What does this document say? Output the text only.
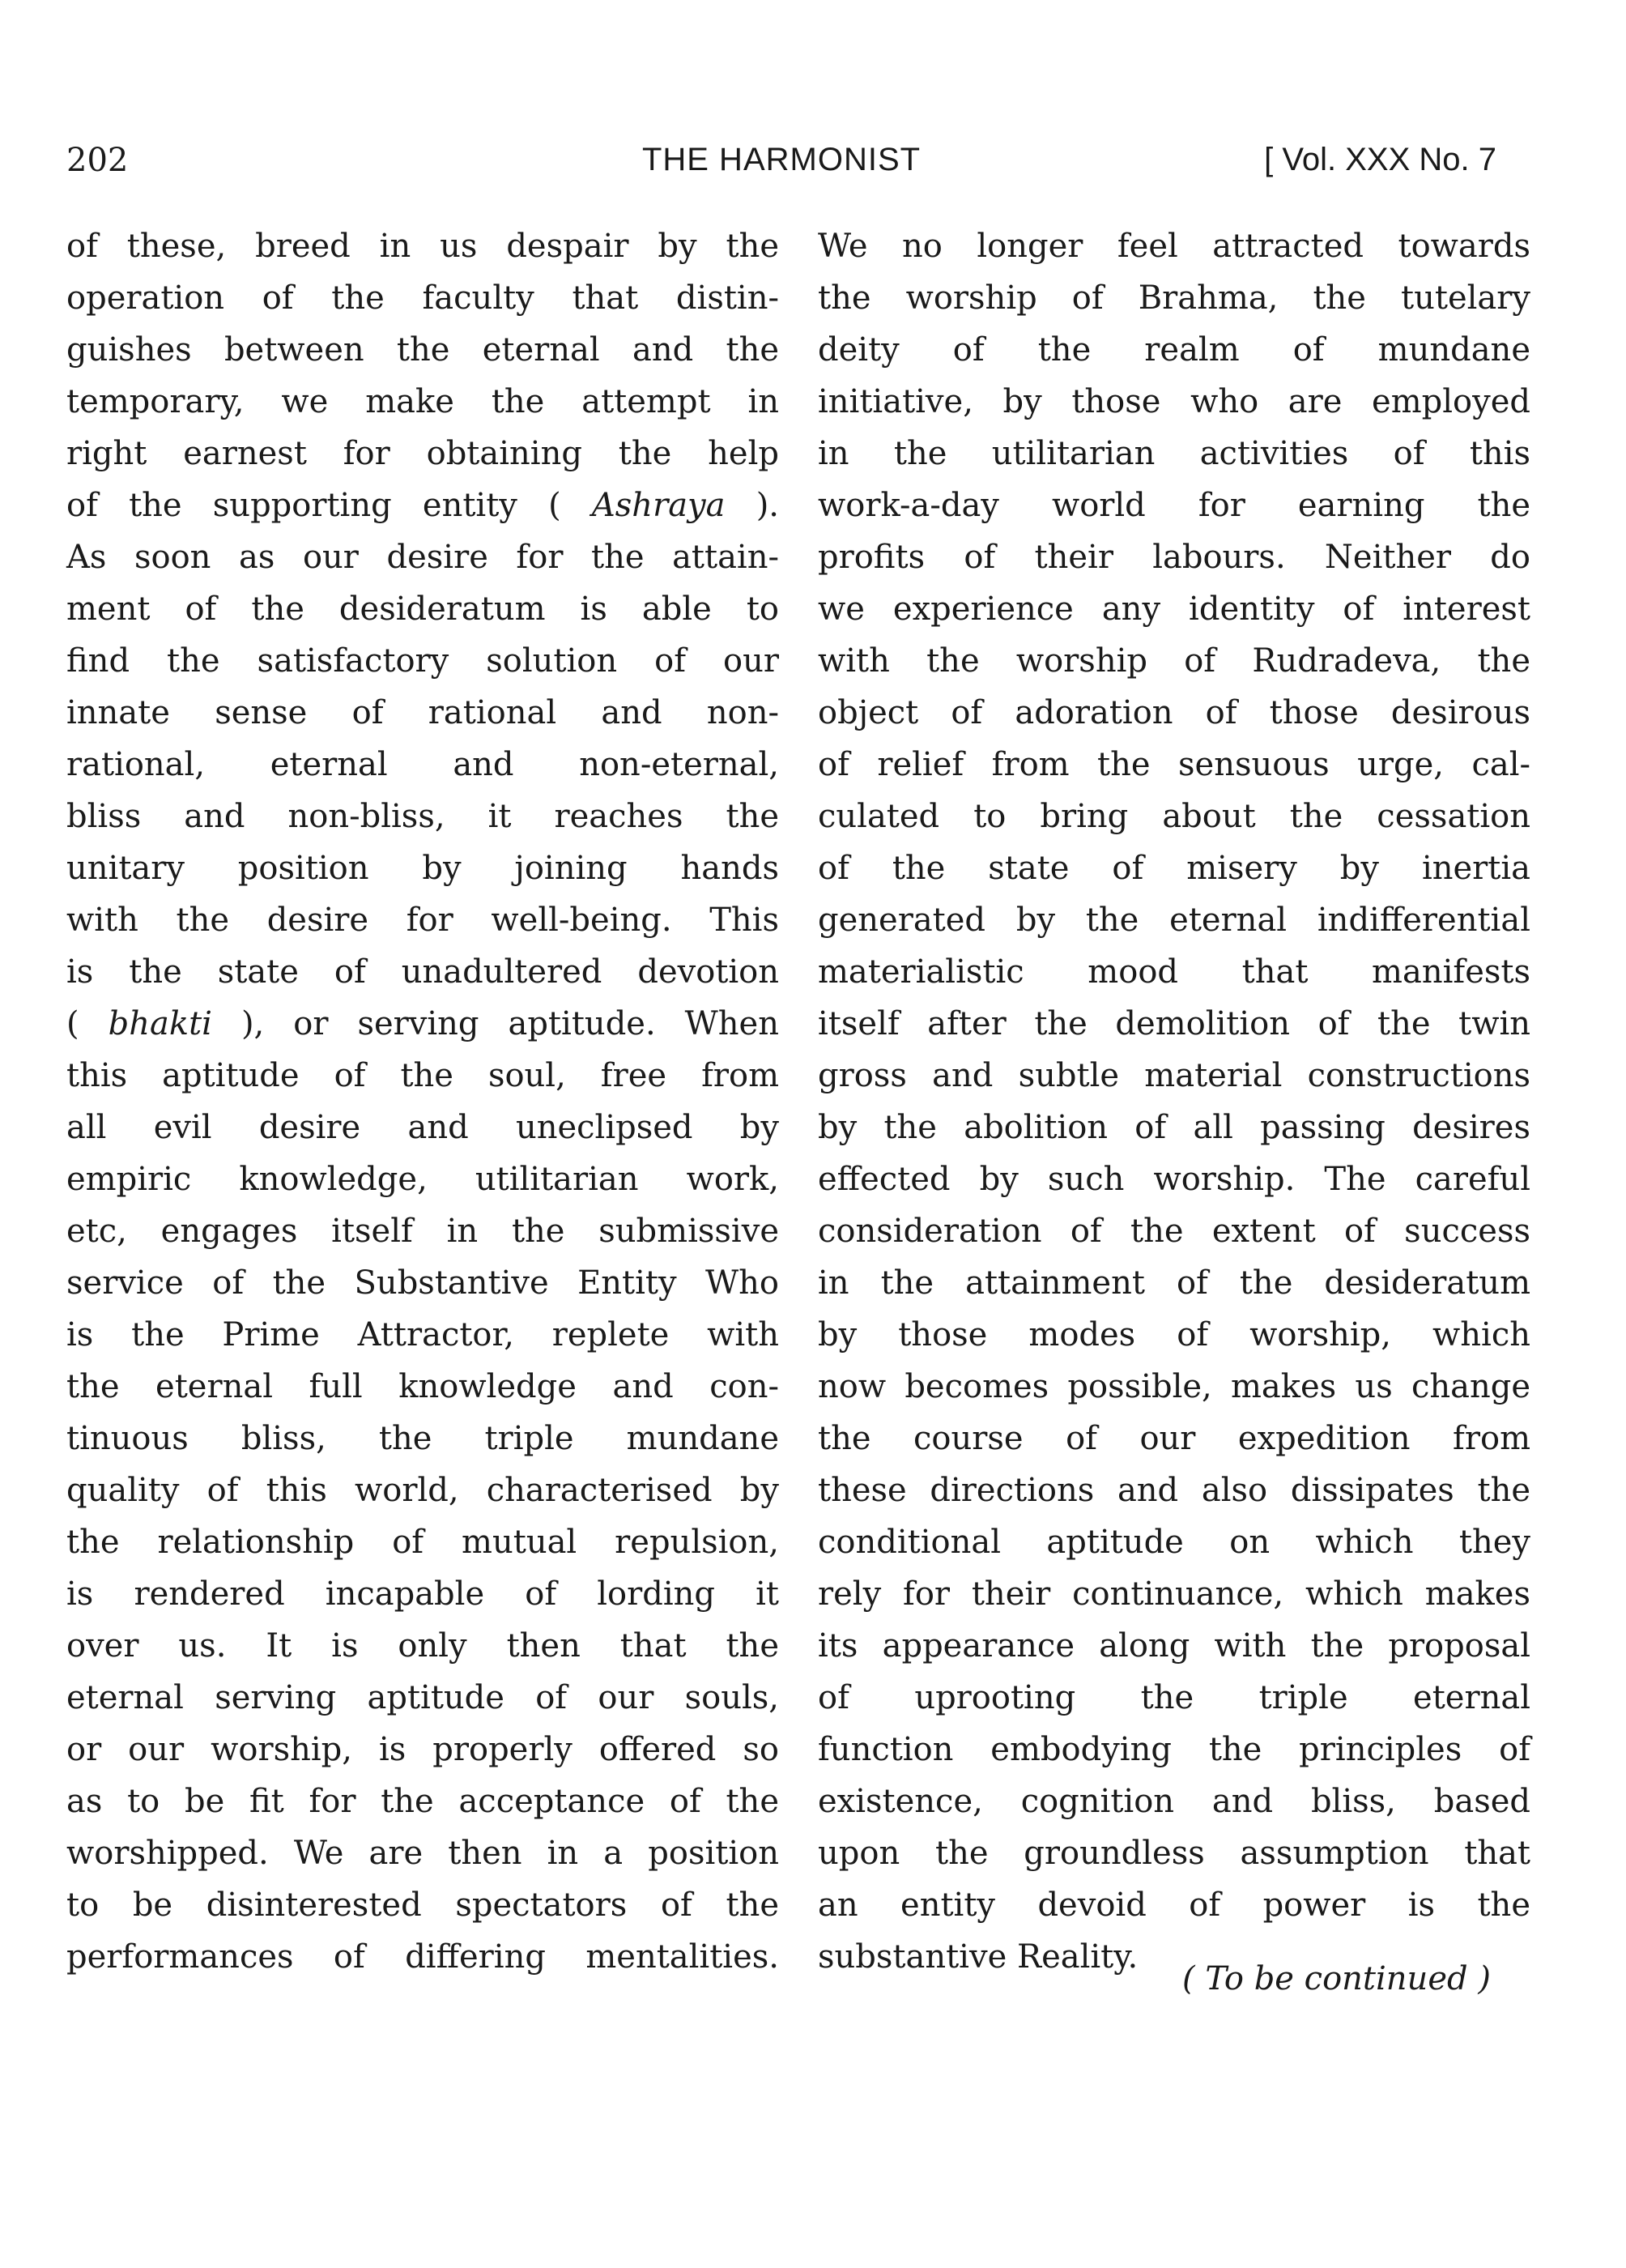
202	THE HARMONIST	[ Vol. XXX No. 7
of these, breed in us despair by the
operation of the faculty that distin-
guishes between the eternal and the
temporary, we make the attempt in
right earnest for obtaining the help
of the supporting entity ( Ashraya ).
As soon as our desire for the attain-
ment of the desideratum is able to
find the satisfactory solution of our
innate sense of rational and non-
rational, eternal and non-eternal,
bliss and non-bliss, it reaches the
unitary position by joining hands
with the desire for well-being. This
is the state of unadultered devotion
( bhakti ), or serving aptitude. When
this aptitude of the soul, free from
all evil desire and uneclipsed by
empiric knowledge, utilitarian work,
etc, engages itself in the submissive
service of the Substantive Entity Who
is the Prime Attractor, replete with
the eternal full knowledge and con-
tinuous bliss, the triple mundane
quality of this world, characterised by
the relationship of mutual repulsion,
is rendered incapable of lording it
over us. It is only then that the
eternal serving aptitude of our souls,
or our worship, is properly offered so
as to be fit for the acceptance of the
worshipped. We are then in a position
to be disinterested spectators of the
performances of differing mentalities.
We no longer feel attracted towards
the worship of Brahma, the tutelary
deity of the realm of mundane
initiative, by those who are employed
in the utilitarian activities of this
work-a-day world for earning the
profits of their labours. Neither do
we experience any identity of interest
with the worship of Rudradeva, the
object of adoration of those desirous
of relief from the sensuous urge, cal-
culated to bring about the cessation
of the state of misery by inertia
generated by the eternal indifferential
materialistic mood that manifests
itself after the demolition of the twin
gross and subtle material constructions
by the abolition of all passing desires
effected by such worship. The careful
consideration of the extent of success
in the attainment of the desideratum
by those modes of worship, which
now becomes possible, makes us change
the course of our expedition from
these directions and also dissipates the
conditional aptitude on which they
rely for their continuance, which makes
its appearance along with the proposal
of uprooting the triple eternal
function embodying the principles of
existence, cognition and bliss, based
upon the groundless assumption that
an entity devoid of power is the
substantive Reality.
( To be continued )
